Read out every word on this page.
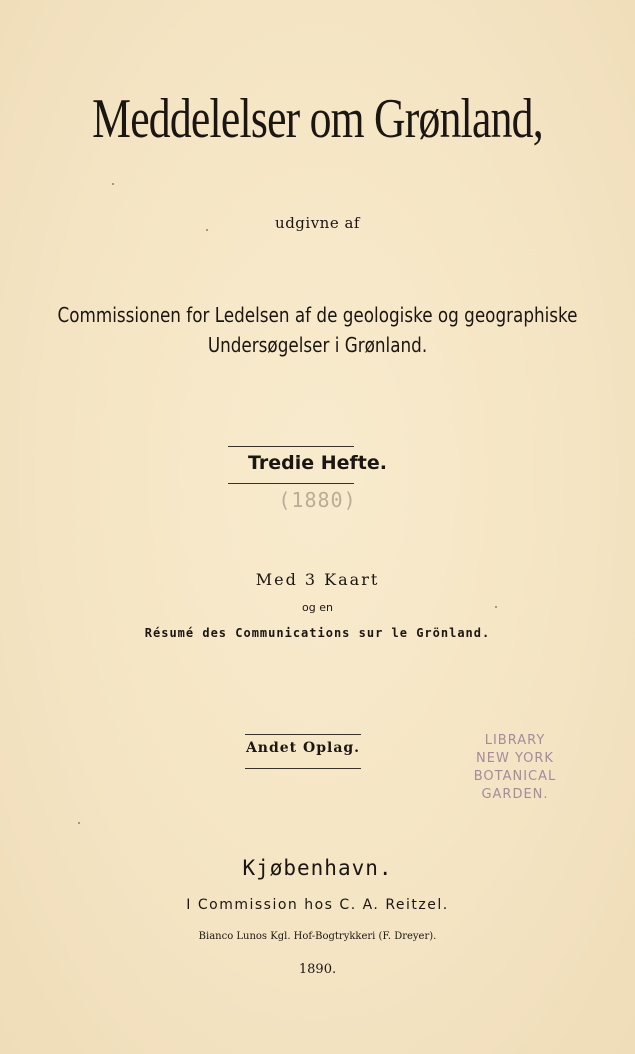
Meddelelser om Grønland,
udgivne af
Commissionen for Ledelsen af de geologiske og geographiske
Undersøgelser i Grønland.
Tredie Hefte.
(1880)
Med 3 Kaart
og en
Résumé des Communications sur le Grönland.
Andet Oplag.	LIBRARY
NEW YORK
BOTANICAL
GARDEN.
Kjøbenhavn.
I Commission hos C. A. Reitzel.
Bianco Lunos Kgl. Hof-Bogtrykkeri (F. Dreyer).
1890.
